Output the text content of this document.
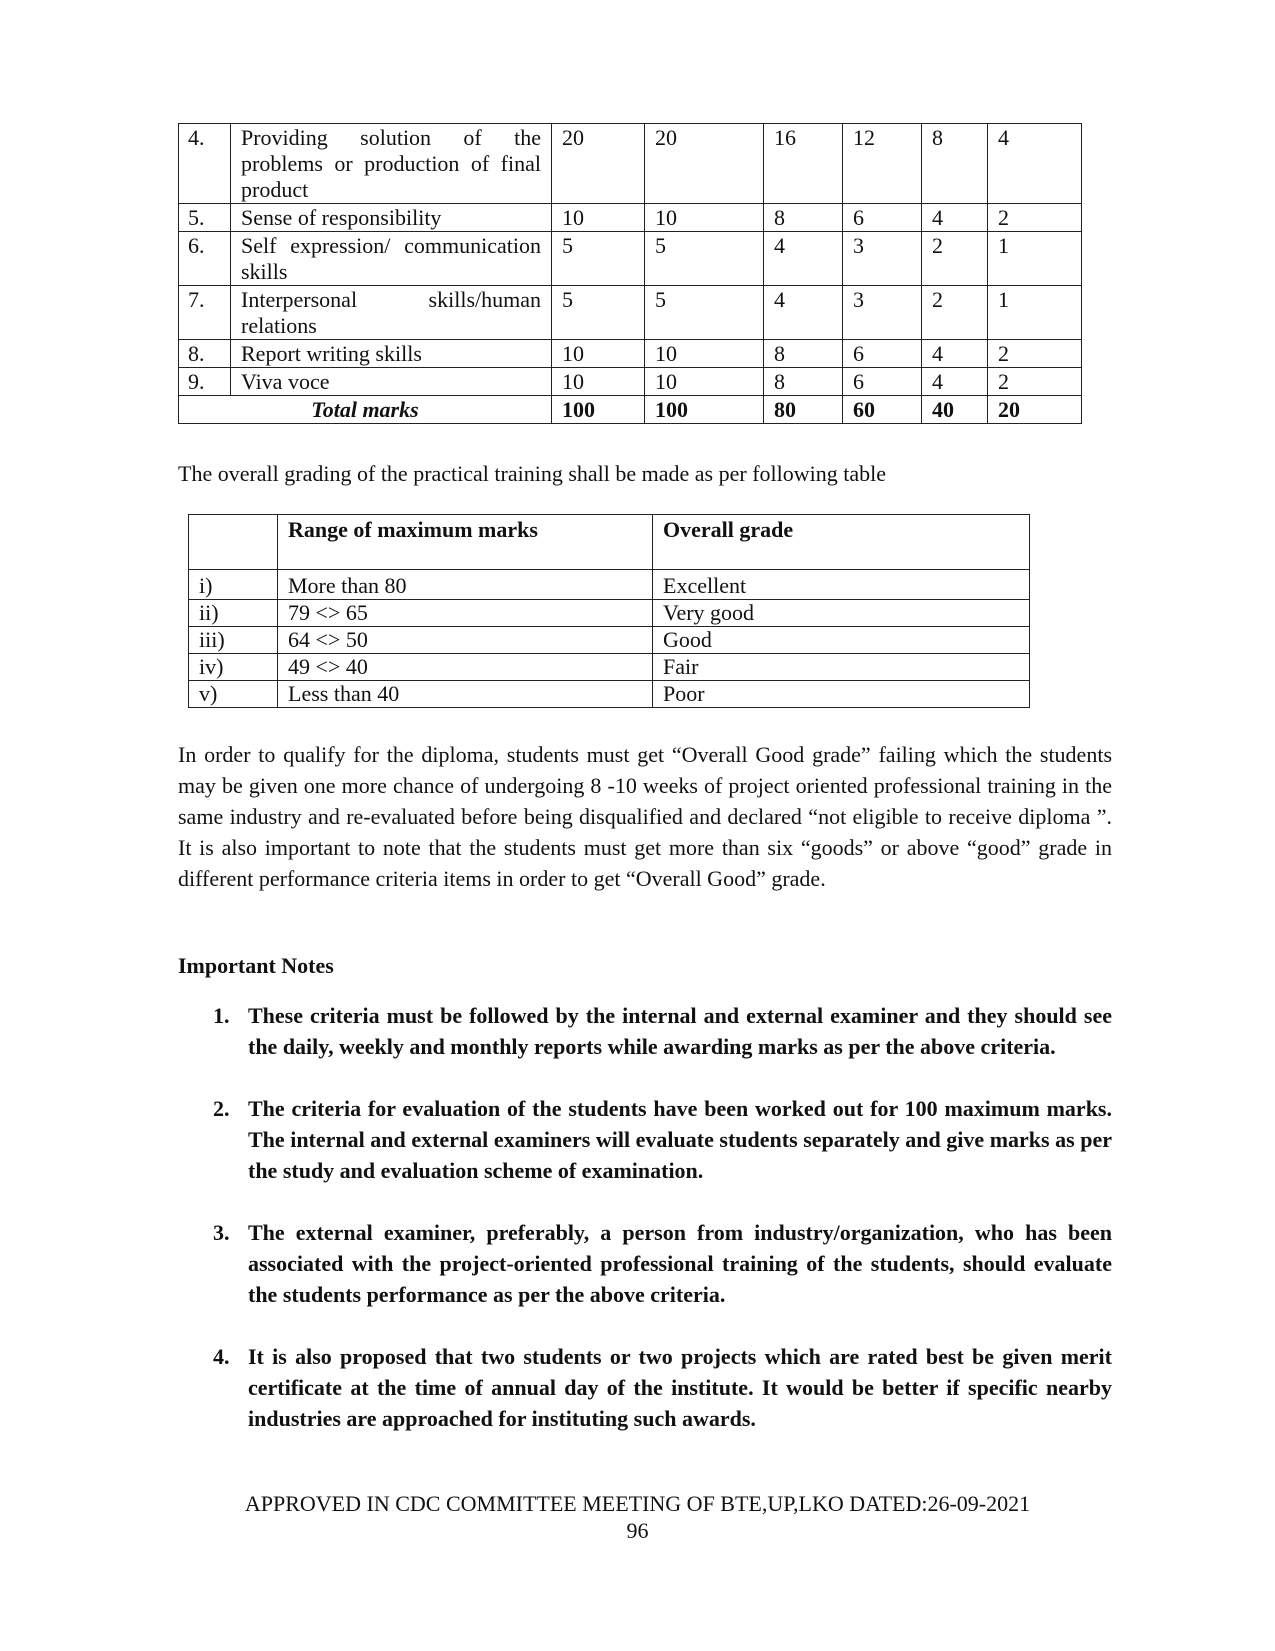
4.	Providing solution of the problems or production of final product	20	20	16	12	8	4
5.	Sense of responsibility	10	10	8	6	4	2
6.	Self expression/ communication skills	5	5	4	3	2	1
7.	Interpersonal skills/human relations	5	5	4	3	2	1
8.	Report writing skills	10	10	8	6	4	2
9.	Viva voce	10	10	8	6	4	2
Total marks		100	100	80	60	40	20
The overall grading of the practical training shall be made as per following table
	Range of maximum marks	Overall grade
i)	More than 80	Excellent
ii)	79 <> 65	Very good
iii)	64 <> 50	Good
iv)	49 <> 40	Fair
v)	Less than 40	Poor
In order to qualify for the diploma, students must get “Overall Good grade” failing which the students may be given one more chance of undergoing 8 -10 weeks of project oriented professional training in the same industry and re-evaluated before being disqualified and declared “not eligible to receive diploma ”. It is also important to note that the students must get more than six “goods” or above “good” grade in different performance criteria items in order to get “Overall Good” grade.
Important Notes
1. These criteria must be followed by the internal and external examiner and they should see the daily, weekly and monthly reports while awarding marks as per the above criteria.
2. The criteria for evaluation of the students have been worked out for 100 maximum marks. The internal and external examiners will evaluate students separately and give marks as per the study and evaluation scheme of examination.
3. The external examiner, preferably, a person from industry/organization, who has been associated with the project-oriented professional training of the students, should evaluate the students performance as per the above criteria.
4. It is also proposed that two students or two projects which are rated best be given merit certificate at the time of annual day of the institute. It would be better if specific nearby industries are approached for instituting such awards.
APPROVED IN CDC COMMITTEE MEETING OF BTE,UP,LKO DATED:26-09-2021
96
